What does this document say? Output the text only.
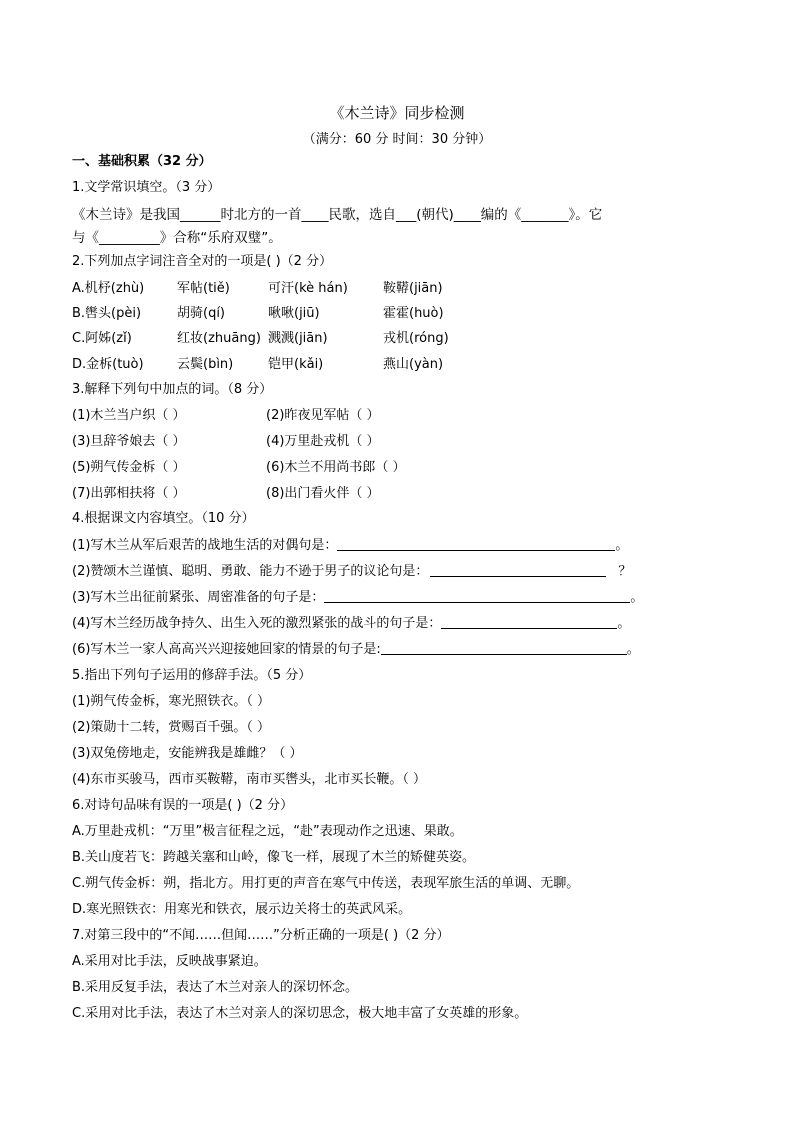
《木兰诗》同步检测
（满分：60 分 时间：30 分钟）
一、基础积累（32 分）
1.文学常识填空。（3 分）
《木兰诗》是我国______时北方的一首____民歌，选自___(朝代)____编的《_______》。它
与《_________》合称“乐府双璧”。
2.下列加点字词注音全对的一项是( )（2 分）
A.机杼(zhù)	军帖(tiě)	可汗(kè hán)	鞍鞯(jiān)
B.辔头(pèi)	胡骑(qí)	啾啾(jiū)	霍霍(huò)
C.阿姊(zǐ)	红妆(zhuāng) 溅溅(jiān)	戎机(róng)
D.金柝(tuò)	云鬓(bìn)	铠甲(kǎi)	燕山(yàn)
3.解释下列句中加点的词。（8 分）
(1)木兰当户织（ ）	(2)昨夜见军帖（ ）
(3)旦辞爷娘去（ ）	(4)万里赴戎机（ ）
(5)朔气传金柝（ ）	(6)木兰不用尚书郎（ ）
(7)出郭相扶将（ ）	(8)出门看火伴（ ）
4.根据课文内容填空。（10 分）
(1)写木兰从军后艰苦的战地生活的对偶句是：	。
(2)赞颂木兰谨慎、聪明、勇敢、能力不逊于男子的议论句是：	？
(3)写木兰出征前紧张、周密准备的句子是：	。
(4)写木兰经历战争持久、出生入死的激烈紧张的战斗的句子是：	。
(6)写木兰一家人高高兴兴迎接她回家的情景的句子是:	。
5.指出下列句子运用的修辞手法。（5 分）
(1)朔气传金柝，寒光照铁衣。（ ）
(2)策勋十二转，赏赐百千强。（ ）
(3)双兔傍地走，安能辨我是雄雌？（ ）
(4)东市买骏马，西市买鞍鞯，南市买辔头，北市买长鞭。（ ）
6.对诗句品味有误的一项是( )（2 分）
A.万里赴戎机：“万里”极言征程之远，“赴”表现动作之迅速、果敢。
B.关山度若飞：跨越关塞和山岭，像飞一样，展现了木兰的矫健英姿。
C.朔气传金柝：朔，指北方。用打更的声音在寒气中传送，表现军旅生活的单调、无聊。
D.寒光照铁衣：用寒光和铁衣，展示边关将士的英武风采。
7.对第三段中的“不闻……但闻……”分析正确的一项是( )（2 分）
A.采用对比手法，反映战事紧迫。
B.采用反复手法，表达了木兰对亲人的深切怀念。
C.采用对比手法，表达了木兰对亲人的深切思念，极大地丰富了女英雄的形象。
